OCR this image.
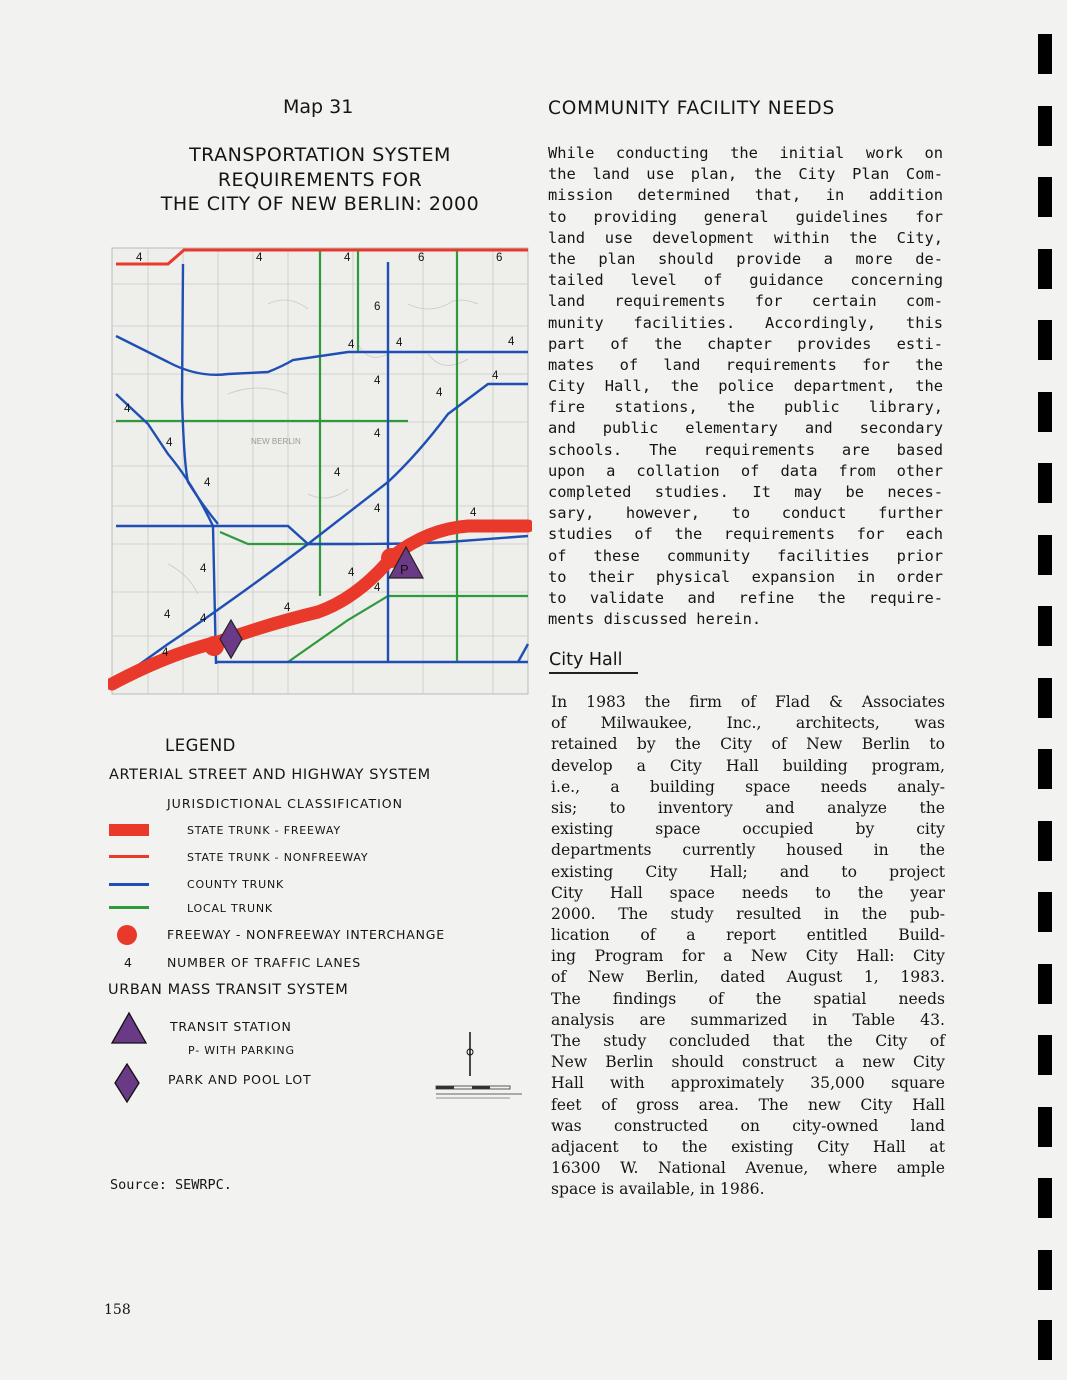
Map 31
TRANSPORTATION SYSTEM
REQUIREMENTS FOR
THE CITY OF NEW BERLIN: 2000
NEW BERLIN
P
4	4	4	6	6
6
4	4	4
4
4
4
4
4
4
4
4
4	4
4	4
4
4
4	4
4
LEGEND
ARTERIAL STREET AND HIGHWAY SYSTEM
JURISDICTIONAL CLASSIFICATION
STATE TRUNK - FREEWAY
STATE TRUNK - NONFREEWAY
COUNTY TRUNK
LOCAL TRUNK
FREEWAY - NONFREEWAY INTERCHANGE
4	NUMBER OF TRAFFIC LANES
URBAN MASS TRANSIT SYSTEM
TRANSIT STATION
P- WITH PARKING
PARK AND POOL LOT
Source: SEWRPC.
158
COMMUNITY FACILITY NEEDS
While conducting the initial work on
the land use plan, the City Plan Com-
mission determined that, in addition
to providing general guidelines for
land use development within the City,
the plan should provide a more de-
tailed level of guidance concerning
land requirements for certain com-
munity facilities. Accordingly, this
part of the chapter provides esti-
mates of land requirements for the
City Hall, the police department, the
fire stations, the public library,
and public elementary and secondary
schools. The requirements are based
upon a collation of data from other
completed studies. It may be neces-
sary, however, to conduct further
studies of the requirements for each
of these community facilities prior
to their physical expansion in order
to validate and refine the require-
ments discussed herein.
City Hall
In 1983 the firm of Flad & Associates
of Milwaukee, Inc., architects, was
retained by the City of New Berlin to
develop a City Hall building program,
i.e., a building space needs analy-
sis; to inventory and analyze the
existing space occupied by city
departments currently housed in the
existing City Hall; and to project
City Hall space needs to the year
2000. The study resulted in the pub-
lication of a report entitled Build-
ing Program for a New City Hall: City
of New Berlin, dated August 1, 1983.
The findings of the spatial needs
analysis are summarized in Table 43.
The study concluded that the City of
New Berlin should construct a new City
Hall with approximately 35,000 square
feet of gross area. The new City Hall
was constructed on city-owned land
adjacent to the existing City Hall at
16300 W. National Avenue, where ample
space is available, in 1986.
